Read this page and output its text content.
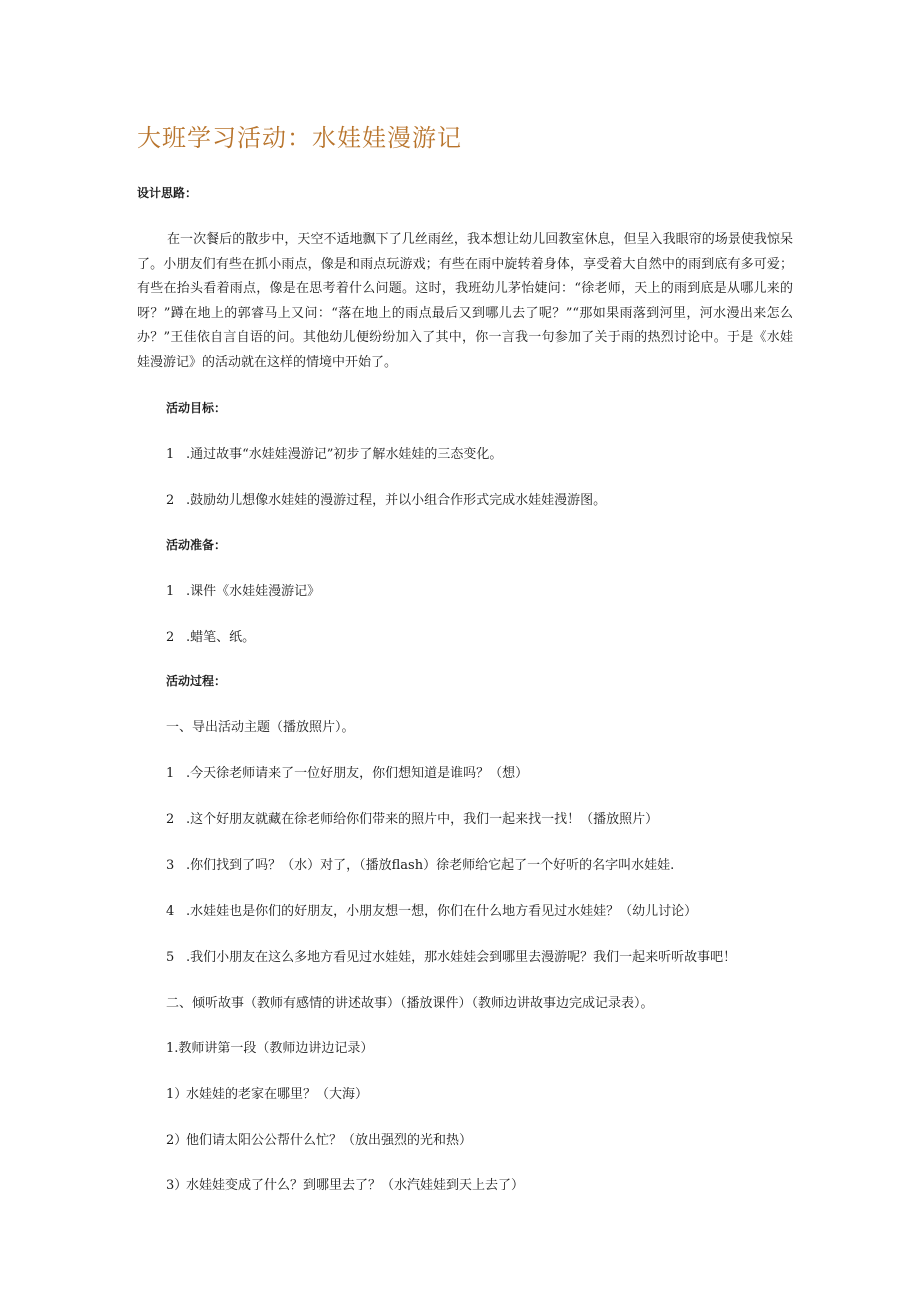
大班学习活动：水娃娃漫游记
设计思路：
在一次餐后的散步中，天空不适地飘下了几丝雨丝，我本想让幼儿回教室休息，但呈入我眼帘的场景使我惊呆了。小朋友们有些在抓小雨点，像是和雨点玩游戏；有些在雨中旋转着身体，享受着大自然中的雨到底有多可爱；有些在抬头看着雨点，像是在思考着什么问题。这时，我班幼儿茅怡婕问：“徐老师，天上的雨到底是从哪儿来的呀？”蹲在地上的郭睿马上又问：“落在地上的雨点最后又到哪儿去了呢？”“那如果雨落到河里，河水漫出来怎么办？”王佳依自言自语的问。其他幼儿便纷纷加入了其中，你一言我一句参加了关于雨的热烈讨论中。于是《水娃娃漫游记》的活动就在这样的情境中开始了。
活动目标：
1 .通过故事“水娃娃漫游记”初步了解水娃娃的三态变化。
2 .鼓励幼儿想像水娃娃的漫游过程，并以小组合作形式完成水娃娃漫游图。
活动准备：
1 .课件《水娃娃漫游记》
2 .蜡笔、纸。
活动过程：
一、导出活动主题（播放照片）。
1 .今天徐老师请来了一位好朋友，你们想知道是谁吗？（想）
2 .这个好朋友就藏在徐老师给你们带来的照片中，我们一起来找一找！（播放照片）
3 .你们找到了吗？（水）对了，（播放flash）徐老师给它起了一个好听的名字叫水娃娃.
4 .水娃娃也是你们的好朋友，小朋友想一想，你们在什么地方看见过水娃娃？（幼儿讨论）
5 .我们小朋友在这么多地方看见过水娃娃，那水娃娃会到哪里去漫游呢？我们一起来听听故事吧！
二、倾听故事（教师有感情的讲述故事）（播放课件）（教师边讲故事边完成记录表）。
1.教师讲第一段（教师边讲边记录）
1）水娃娃的老家在哪里？（大海）
2）他们请太阳公公帮什么忙？（放出强烈的光和热）
3）水娃娃变成了什么？到哪里去了？（水汽娃娃到天上去了）
